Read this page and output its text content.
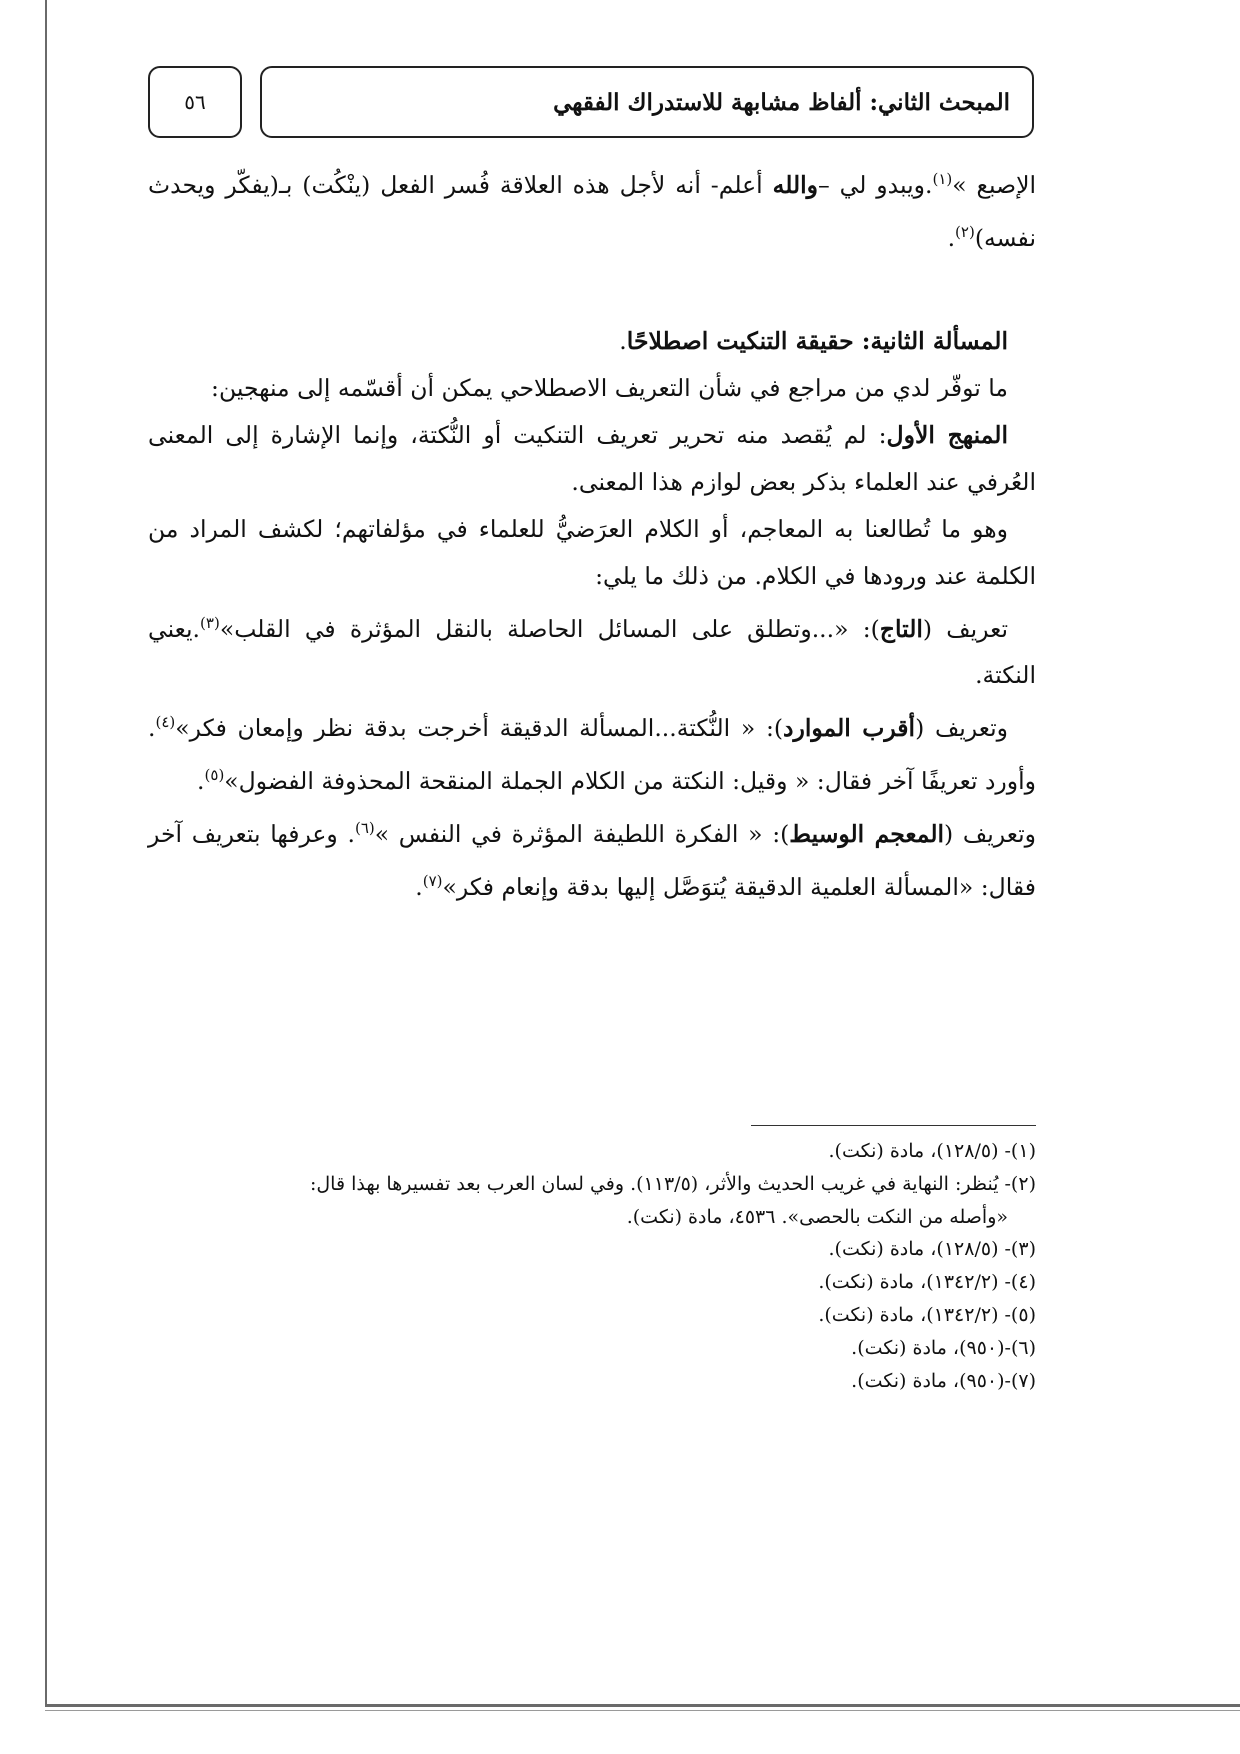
٥٦	المبحث الثاني: ألفاظ مشابهة للاستدراك الفقهي

الإصبع »$^{(١)}$.ويبدو لي –والله أعلم- أنه لأجل هذه العلاقة فُسر الفعل (ينْكُت) بـ(يفكّر ويحدث نفسه)$^{(٢)}$.

المسألة الثانية: حقيقة التنكيت اصطلاحًا.

ما توفّر لدي من مراجع في شأن التعريف الاصطلاحي يمكن أن أقسّمه إلى منهجين:

المنهج الأول: لم يُقصد منه تحرير تعريف التنكيت أو النُّكتة، وإنما الإشارة إلى المعنى العُرفي عند العلماء بذكر بعض لوازم هذا المعنى.

وهو ما تُطالعنا به المعاجم، أو الكلام العرَضيُّ للعلماء في مؤلفاتهم؛ لكشف المراد من الكلمة عند ورودها في الكلام. من ذلك ما يلي:

تعريف (التاج): «...وتطلق على المسائل الحاصلة بالنقل المؤثرة في القلب»$^{(٣)}$.يعني النكتة.

وتعريف (أقرب الموارد): « النُّكتة...المسألة الدقيقة أخرجت بدقة نظر وإمعان فكر»$^{(٤)}$. وأورد تعريفًا آخر فقال: « وقيل: النكتة من الكلام الجملة المنقحة المحذوفة الفضول»$^{(٥)}$.

وتعريف (المعجم الوسيط): « الفكرة اللطيفة المؤثرة في النفس »$^{(٦)}$. وعرفها بتعريف آخر فقال: «المسألة العلمية الدقيقة يُتوَصَّل إليها بدقة وإنعام فكر»$^{(٧)}$.

(١)- (١٢٨/٥)، مادة (نكت).

(٢)- يُنظر: النهاية في غريب الحديث والأثر، (١١٣/٥). وفي لسان العرب بعد تفسيرها بهذا قال:

«وأصله من النكت بالحصى». ٤٥٣٦، مادة (نكت).

(٣)- (١٢٨/٥)، مادة (نكت).

(٤)- (١٣٤٢/٢)، مادة (نكت).

(٥)- (١٣٤٢/٢)، مادة (نكت).

(٦)-(٩٥٠)، مادة (نكت).

(٧)-(٩٥٠)، مادة (نكت).
